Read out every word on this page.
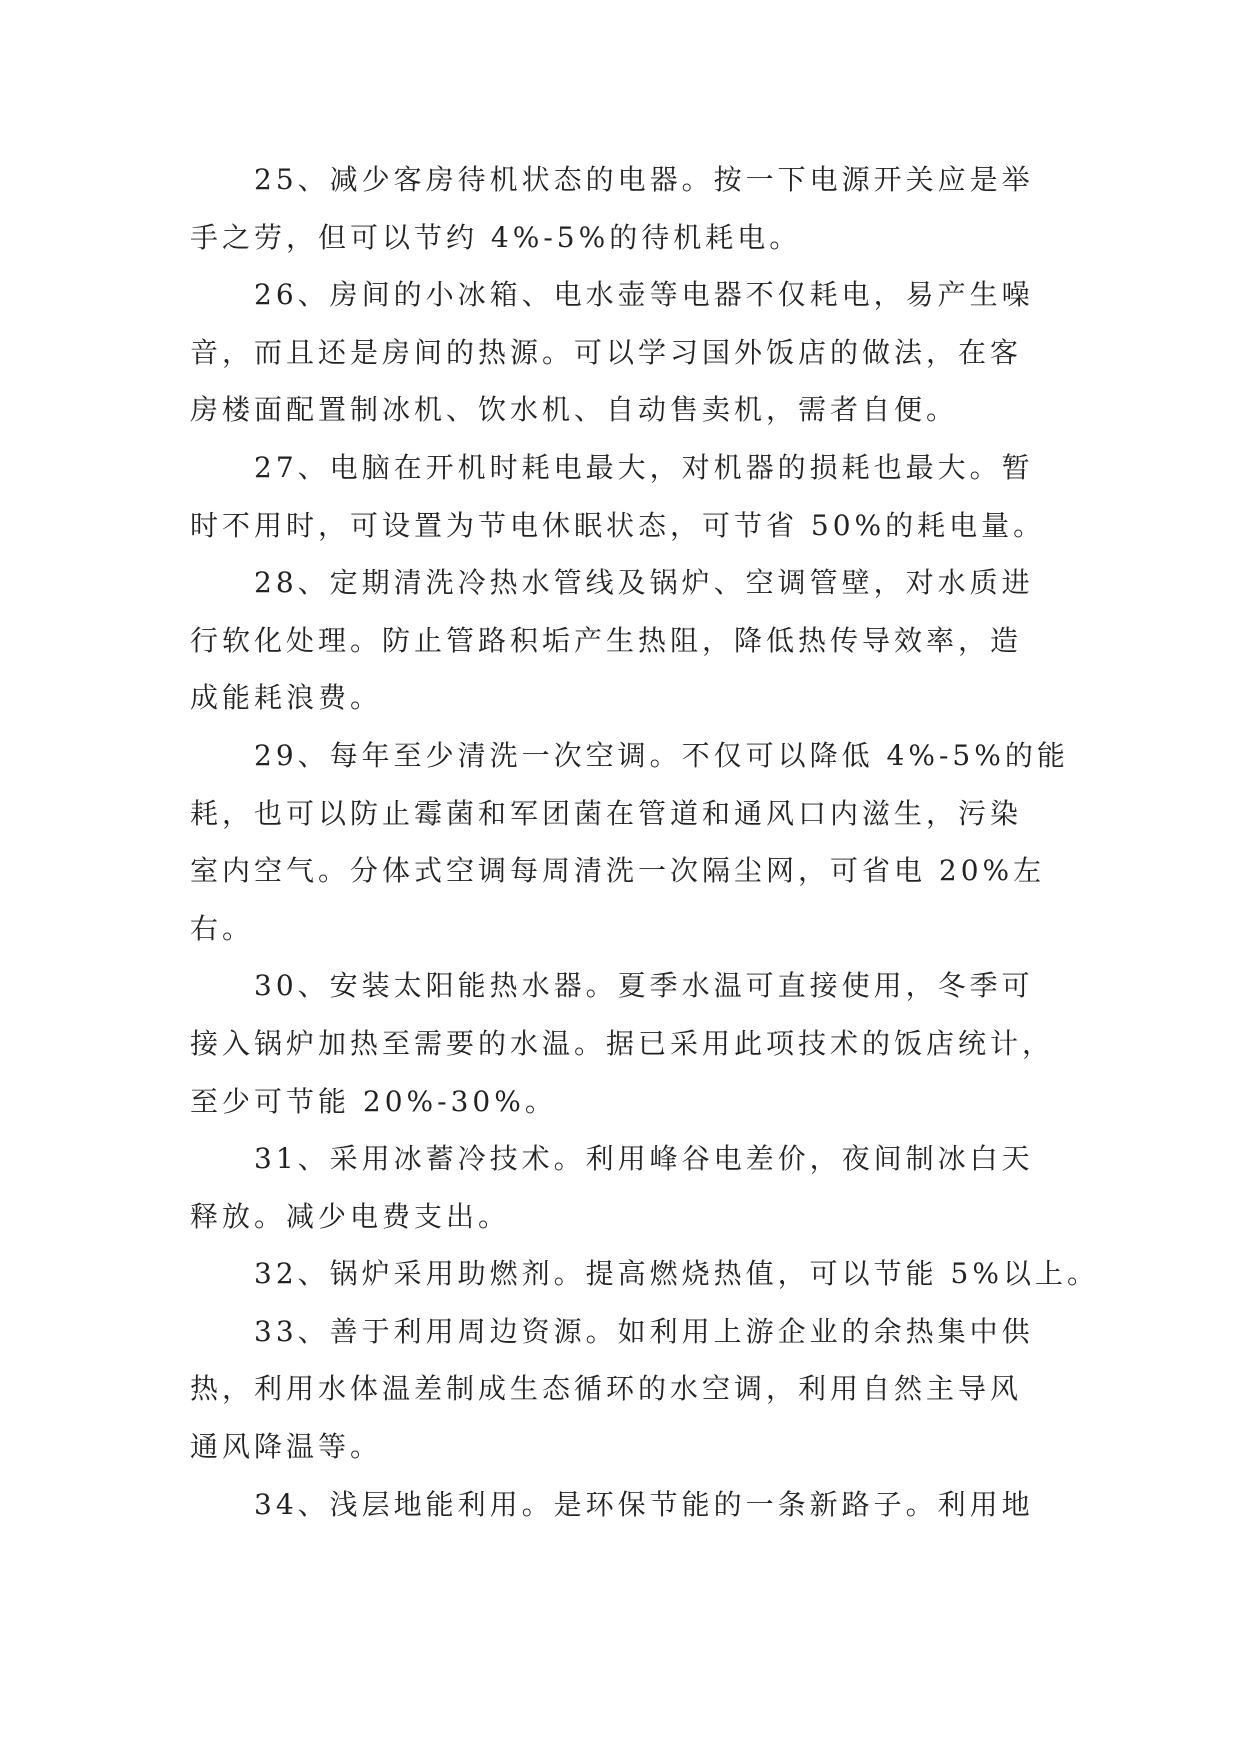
25、减少客房待机状态的电器。按一下电源开关应是举
手之劳，但可以节约 4%-5%的待机耗电。
26、房间的小冰箱、电水壶等电器不仅耗电，易产生噪
音，而且还是房间的热源。可以学习国外饭店的做法，在客
房楼面配置制冰机、饮水机、自动售卖机，需者自便。
27、电脑在开机时耗电最大，对机器的损耗也最大。暂
时不用时，可设置为节电休眠状态，可节省 50%的耗电量。
28、定期清洗冷热水管线及锅炉、空调管壁，对水质进
行软化处理。防止管路积垢产生热阻，降低热传导效率，造
成能耗浪费。
29、每年至少清洗一次空调。不仅可以降低 4%-5%的能
耗，也可以防止霉菌和军团菌在管道和通风口内滋生，污染
室内空气。分体式空调每周清洗一次隔尘网，可省电 20%左
右。
30、安装太阳能热水器。夏季水温可直接使用，冬季可
接入锅炉加热至需要的水温。据已采用此项技术的饭店统计，
至少可节能 20%-30%。
31、采用冰蓄冷技术。利用峰谷电差价，夜间制冰白天
释放。减少电费支出。
32、锅炉采用助燃剂。提高燃烧热值，可以节能 5%以上。
33、善于利用周边资源。如利用上游企业的余热集中供
热，利用水体温差制成生态循环的水空调，利用自然主导风
通风降温等。
34、浅层地能利用。是环保节能的一条新路子。利用地
